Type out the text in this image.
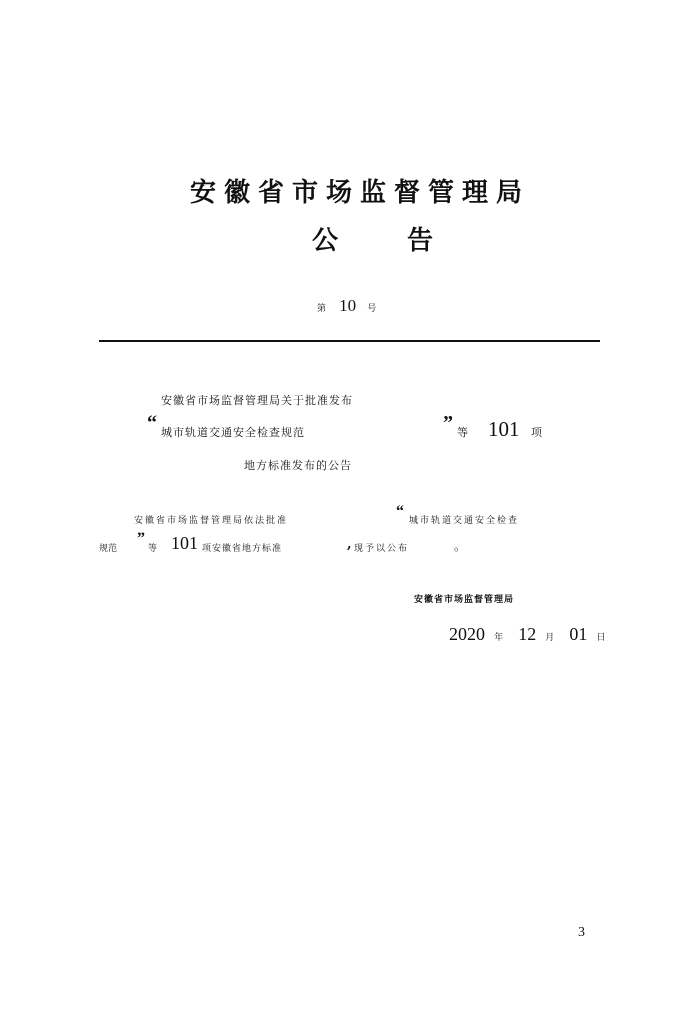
安徽省市场监督管理局
公 告
第 10 号
安徽省市场监督管理局关于批准发布
“ 城市轨道交通安全检查规范	” 等 101 项
地方标准发布的公告
安徽省市场监督管理局依法批准
“
城市轨道交通安全检查
规范
”
等 101 项安徽省地方标准	, 现予以公布	。
安徽省市场监督管理局
2020 年 12 月 01 日
3
